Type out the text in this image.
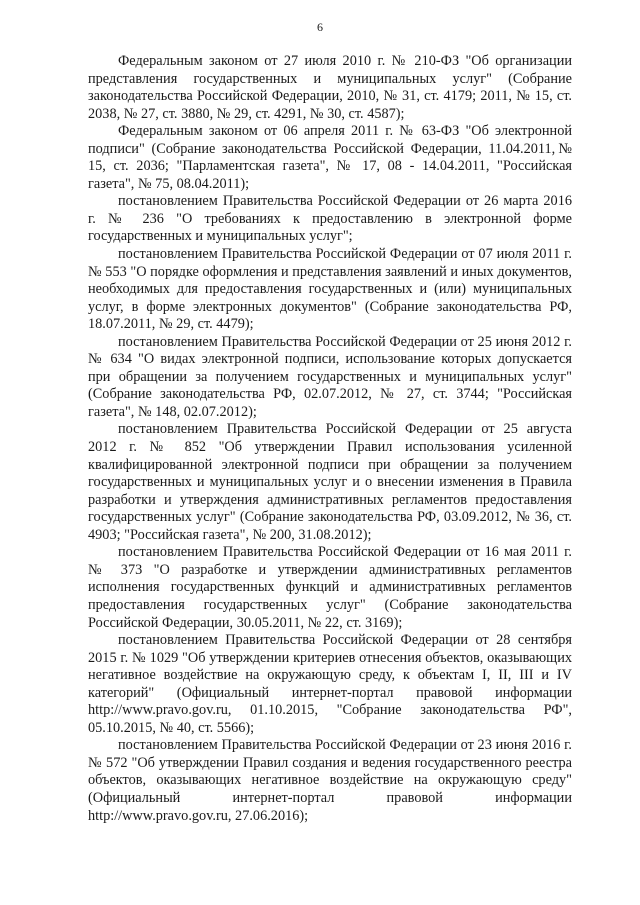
6

Федеральным законом от 27 июля 2010 г. № 210-ФЗ "Об организации представления государственных и муниципальных услуг" (Собрание законодательства Российской Федерации, 2010, № 31, ст. 4179; 2011, № 15, ст. 2038, № 27, ст. 3880, № 29, ст. 4291, № 30, ст. 4587);

Федеральным законом от 06 апреля 2011 г. № 63-ФЗ "Об электронной подписи" (Собрание законодательства Российской Федерации, 11.04.2011,№ 15, ст. 2036; "Парламентская газета", № 17, 08 - 14.04.2011, "Российская газета", № 75, 08.04.2011);

постановлением Правительства Российской Федерации от 26 марта 2016 г. № 236 "О требованиях к предоставлению в электронной форме государственных и муниципальных услуг";

постановлением Правительства Российской Федерации от 07 июля 2011 г. № 553 "О порядке оформления и представления заявлений и иных документов, необходимых для предоставления государственных и (или) муниципальных услуг, в форме электронных документов" (Собрание законодательства РФ, 18.07.2011, № 29, ст. 4479);

постановлением Правительства Российской Федерации от 25 июня 2012 г. № 634 "О видах электронной подписи, использование которых допускается при обращении за получением государственных и муниципальных услуг" (Собрание законодательства РФ, 02.07.2012, № 27, ст. 3744; "Российская газета", № 148, 02.07.2012);

постановлением Правительства Российской Федерации от 25 августа 2012 г. № 852 "Об утверждении Правил использования усиленной квалифицированной электронной подписи при обращении за получением государственных и муниципальных услуг и о внесении изменения в Правила разработки и утверждения административных регламентов предоставления государственных услуг" (Собрание законодательства РФ, 03.09.2012, № 36, ст. 4903; "Российская газета", № 200, 31.08.2012);

постановлением Правительства Российской Федерации от 16 мая 2011 г. № 373 "О разработке и утверждении административных регламентов исполнения государственных функций и административных регламентов предоставления государственных услуг" (Собрание законодательства Российской Федерации, 30.05.2011, № 22, ст. 3169);

постановлением Правительства Российской Федерации от 28 сентября 2015 г. № 1029 "Об утверждении критериев отнесения объектов, оказывающих негативное воздействие на окружающую среду, к объектам I, II, III и IV категорий" (Официальный интернет-портал правовой информации http://www.pravo.gov.ru, 01.10.2015, "Собрание законодательства РФ", 05.10.2015, № 40, ст. 5566);

постановлением Правительства Российской Федерации от 23 июня 2016 г. № 572 "Об утверждении Правил создания и ведения государственного реестра объектов, оказывающих негативное воздействие на окружающую среду" (Официальный интернет-портал правовой информации http://www.pravo.gov.ru, 27.06.2016);
